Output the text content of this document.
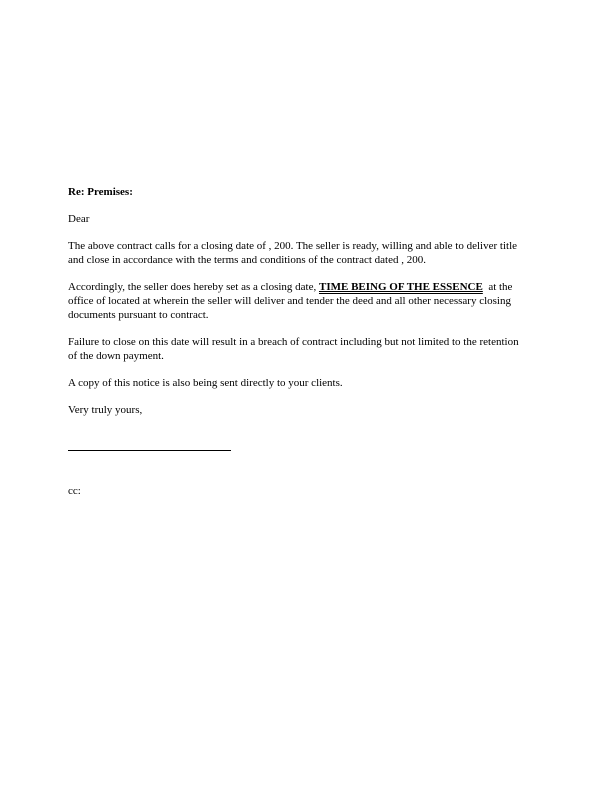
Re: Premises:
Dear
The above contract calls for a closing date of , 200. The seller is ready, willing and able to deliver title and close in accordance with the terms and conditions of the contract dated , 200.
Accordingly, the seller does hereby set as a closing date, TIME BEING OF THE ESSENCE  at the office of located at wherein the seller will deliver and tender the deed and all other necessary closing documents pursuant to contract.
Failure to close on this date will result in a breach of contract including but not limited to the retention of the down payment.
A copy of this notice is also being sent directly to your clients.
Very truly yours,
cc:
